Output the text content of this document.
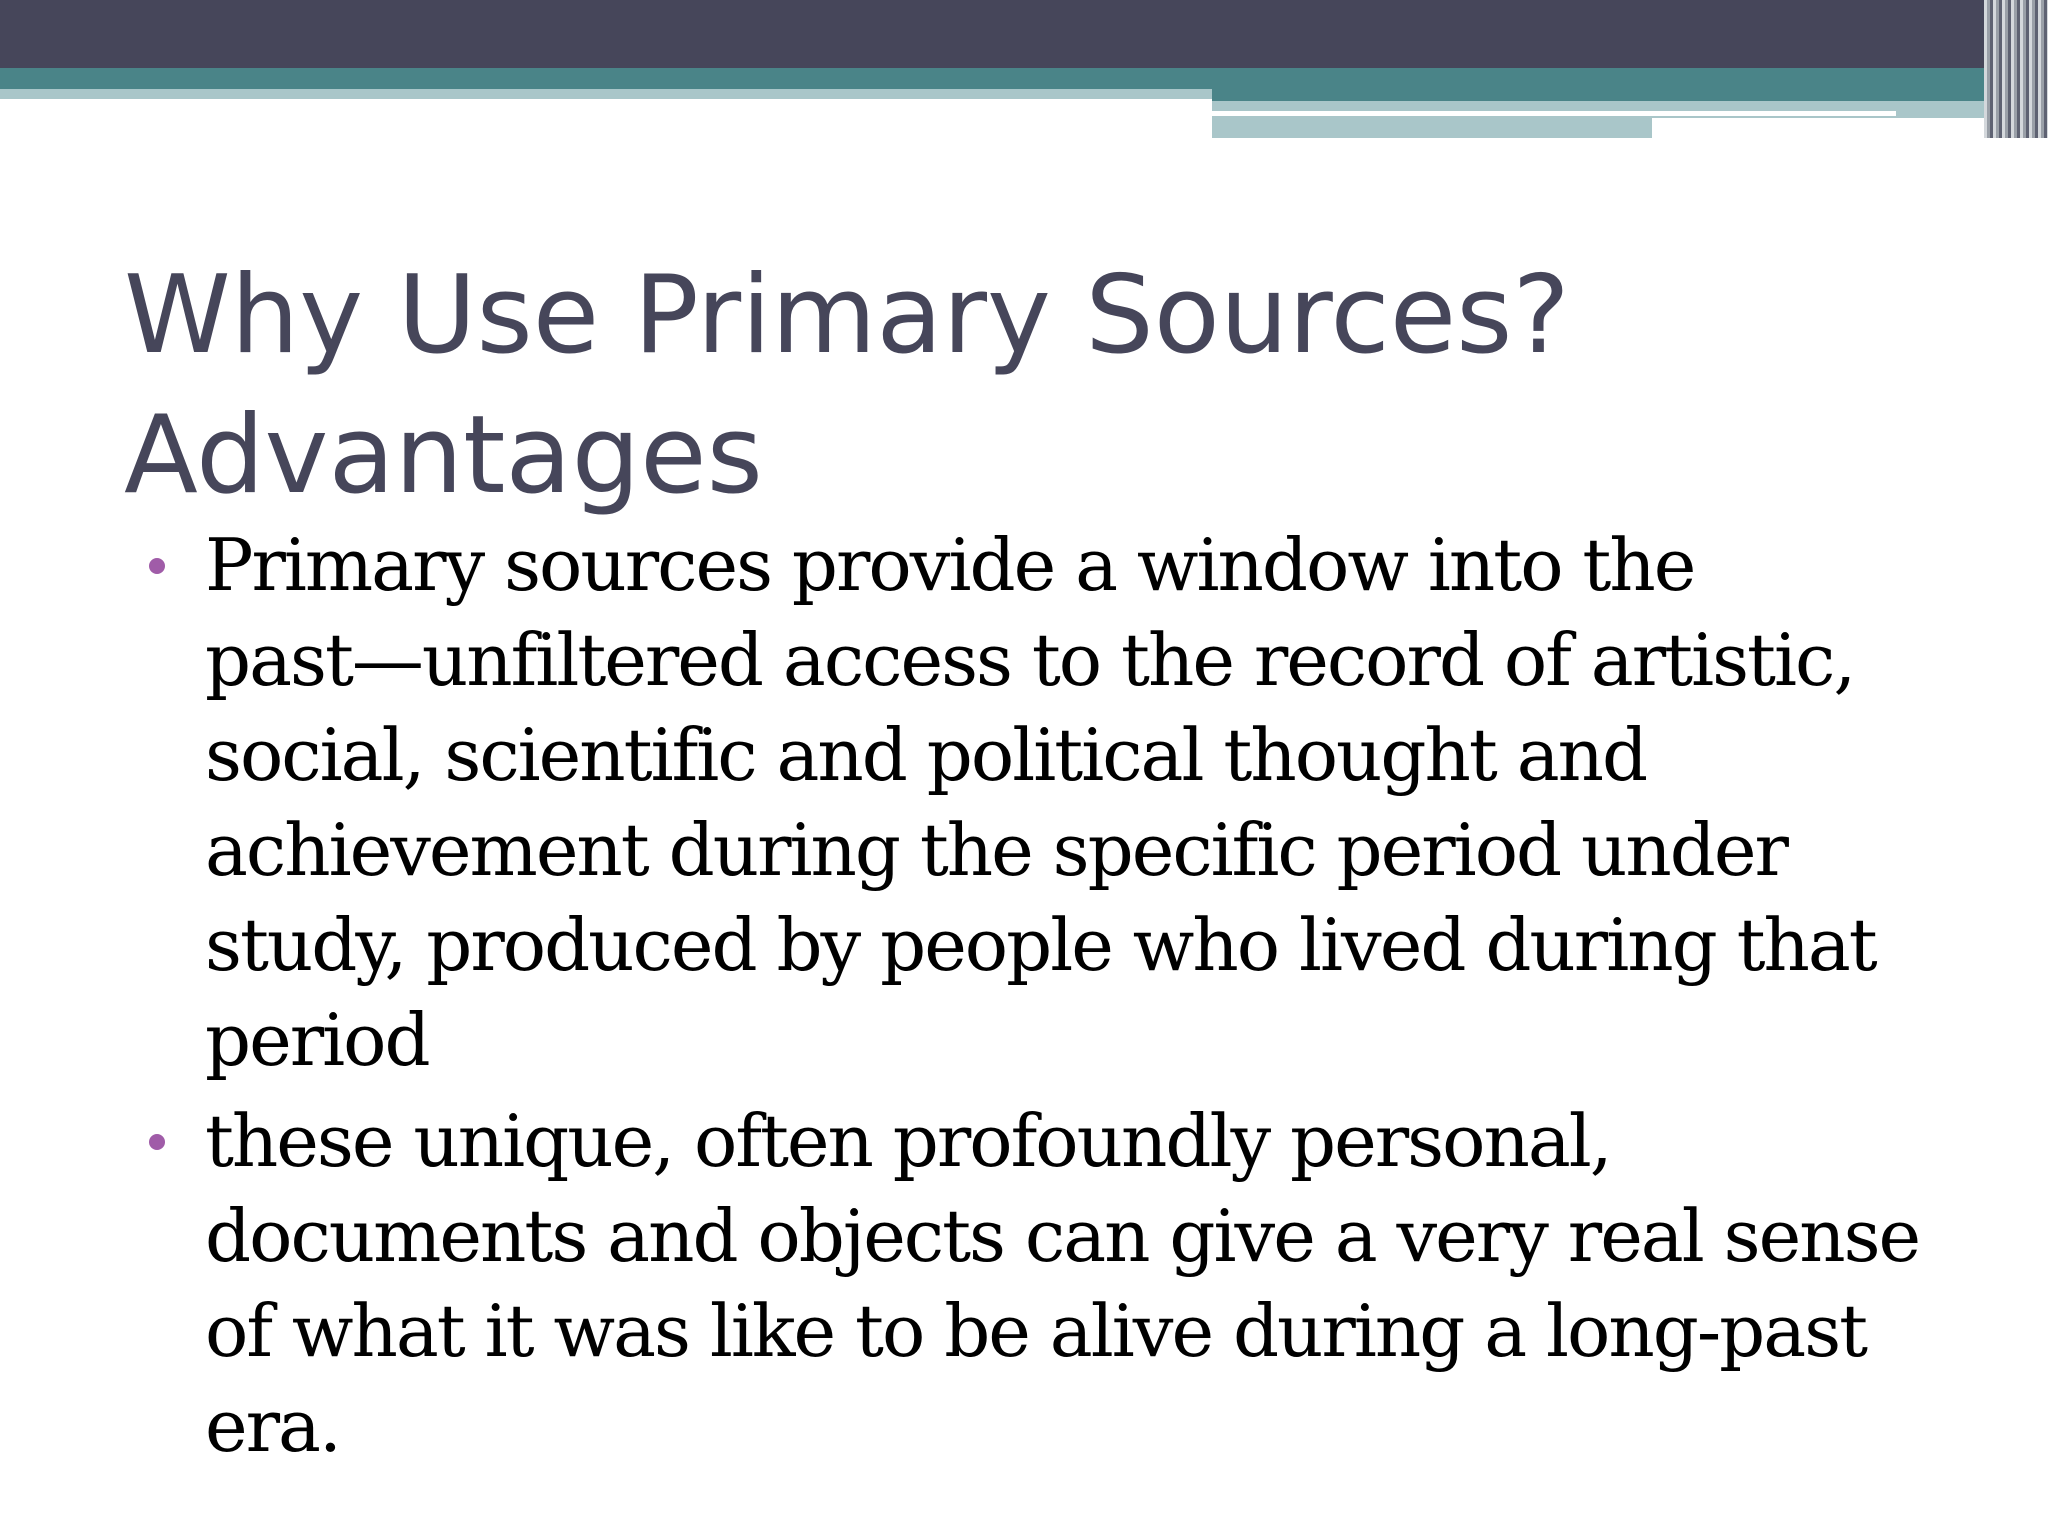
Why Use Primary Sources?
Advantages
Primary sources provide a window into the
past—unfiltered access to the record of artistic,
social, scientific and political thought and
achievement during the specific period under
study, produced by people who lived during that
period
these unique, often profoundly personal,
documents and objects can give a very real sense
of what it was like to be alive during a long-past
era.
